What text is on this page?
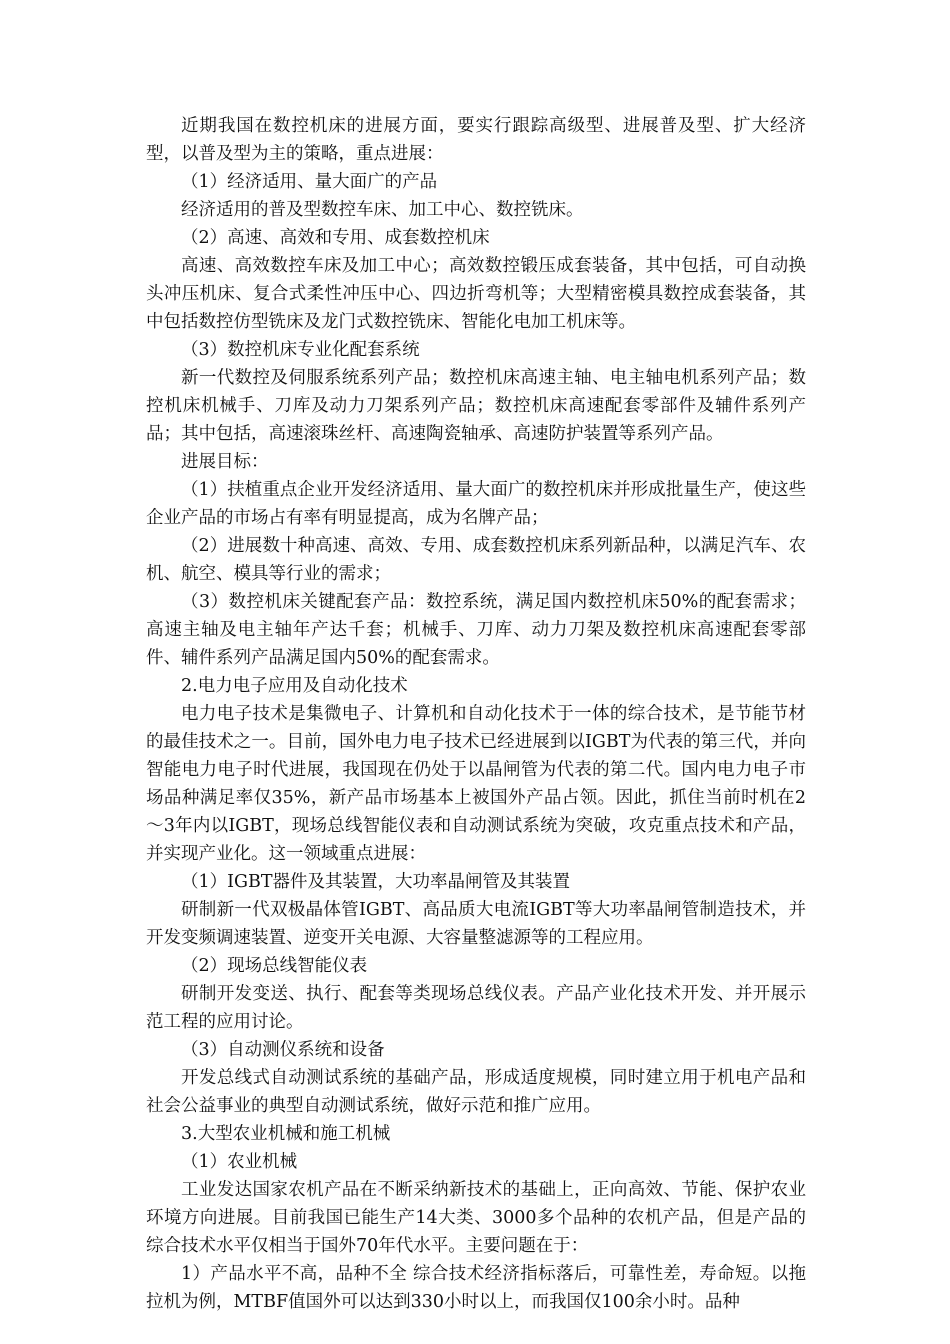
近期我国在数控机床的进展方面，要实行跟踪高级型、进展普及型、扩大经济型，以普及型为主的策略，重点进展：

（1）经济适用、量大面广的产品

经济适用的普及型数控车床、加工中心、数控铣床。

（2）高速、高效和专用、成套数控机床

高速、高效数控车床及加工中心；高效数控锻压成套装备，其中包括，可自动换头冲压机床、复合式柔性冲压中心、四边折弯机等；大型精密模具数控成套装备，其中包括数控仿型铣床及龙门式数控铣床、智能化电加工机床等。

（3）数控机床专业化配套系统

新一代数控及伺服系统系列产品；数控机床高速主轴、电主轴电机系列产品；数控机床机械手、刀库及动力刀架系列产品；数控机床高速配套零部件及辅件系列产品；其中包括，高速滚珠丝杆、高速陶瓷轴承、高速防护装置等系列产品。

进展目标：

（1）扶植重点企业开发经济适用、量大面广的数控机床并形成批量生产，使这些企业产品的市场占有率有明显提高，成为名牌产品；

（2）进展数十种高速、高效、专用、成套数控机床系列新品种，以满足汽车、农机、航空、模具等行业的需求；

（3）数控机床关键配套产品：数控系统，满足国内数控机床50%的配套需求；高速主轴及电主轴年产达千套；机械手、刀库、动力刀架及数控机床高速配套零部件、辅件系列产品满足国内50%的配套需求。

2.电力电子应用及自动化技术

电力电子技术是集微电子、计算机和自动化技术于一体的综合技术，是节能节材的最佳技术之一。目前，国外电力电子技术已经进展到以IGBT为代表的第三代，并向智能电力电子时代进展，我国现在仍处于以晶闸管为代表的第二代。国内电力电子市场品种满足率仅35%，新产品市场基本上被国外产品占领。因此，抓住当前时机在2～3年内以IGBT，现场总线智能仪表和自动测试系统为突破，攻克重点技术和产品，并实现产业化。这一领域重点进展：

（1）IGBT器件及其装置，大功率晶闸管及其装置

研制新一代双极晶体管IGBT、高品质大电流IGBT等大功率晶闸管制造技术，并开发变频调速装置、逆变开关电源、大容量整滤源等的工程应用。

（2）现场总线智能仪表

研制开发变送、执行、配套等类现场总线仪表。产品产业化技术开发、并开展示范工程的应用讨论。

（3）自动测仪系统和设备

开发总线式自动测试系统的基础产品，形成适度规模，同时建立用于机电产品和社会公益事业的典型自动测试系统，做好示范和推广应用。

3.大型农业机械和施工机械

（1）农业机械

工业发达国家农机产品在不断采纳新技术的基础上，正向高效、节能、保护农业环境方向进展。目前我国已能生产14大类、3000多个品种的农机产品，但是产品的综合技术水平仅相当于国外70年代水平。主要问题在于：

1）产品水平不高，品种不全 综合技术经济指标落后，可靠性差，寿命短。以拖拉机为例，MTBF值国外可以达到330小时以上，而我国仅100余小时。品种
